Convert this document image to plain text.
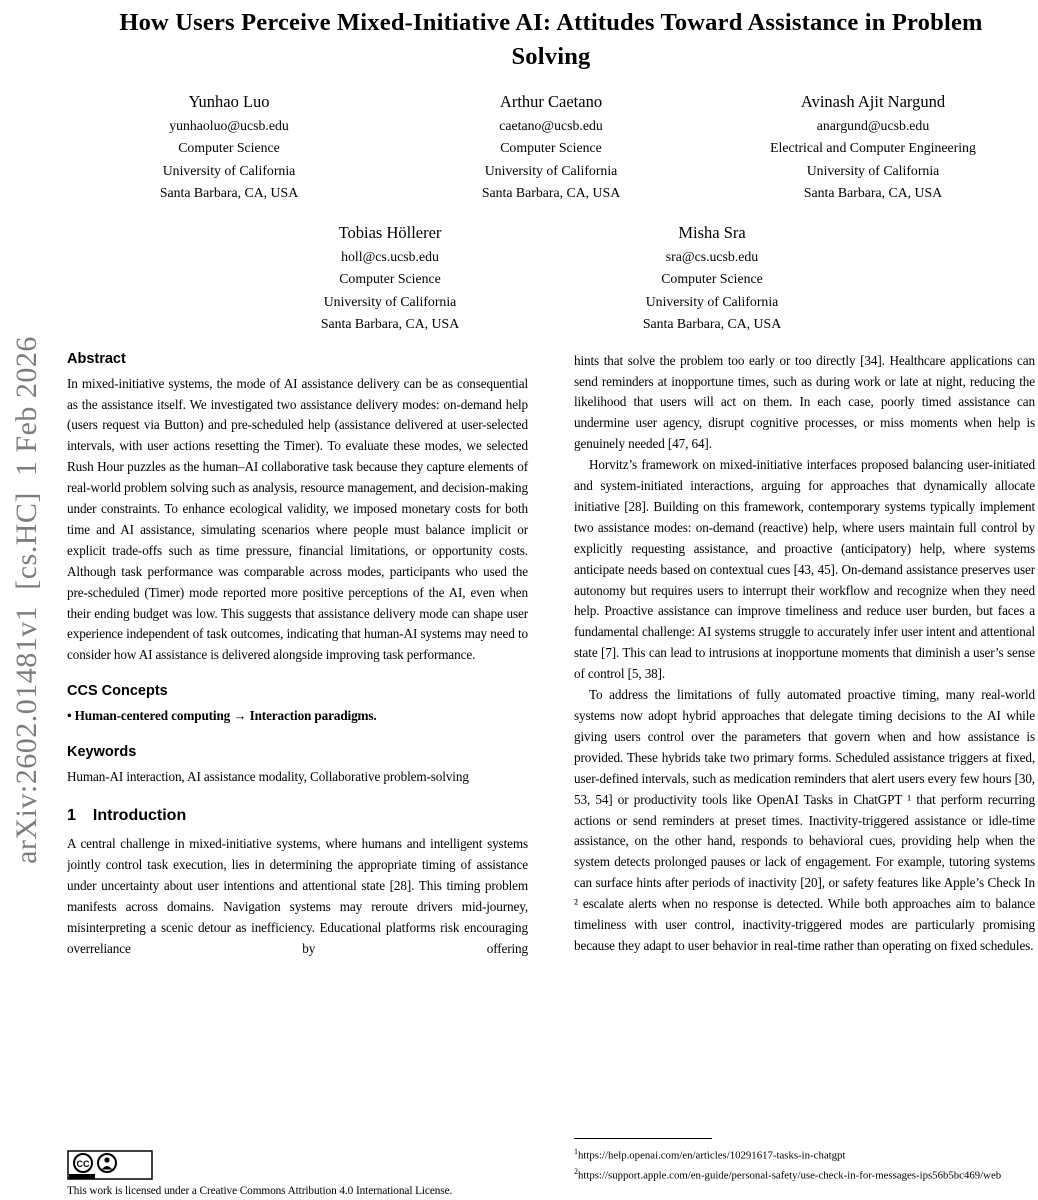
arXiv:2602.01481v1  [cs.HC]  1 Feb 2026
How Users Perceive Mixed-Initiative AI: Attitudes Toward Assistance in Problem Solving
Yunhao Luo
yunhaoluo@ucsb.edu
Computer Science
University of California
Santa Barbara, CA, USA
Arthur Caetano
caetano@ucsb.edu
Computer Science
University of California
Santa Barbara, CA, USA
Avinash Ajit Nargund
anargund@ucsb.edu
Electrical and Computer Engineering
University of California
Santa Barbara, CA, USA
Tobias Höllerer
holl@cs.ucsb.edu
Computer Science
University of California
Santa Barbara, CA, USA
Misha Sra
sra@cs.ucsb.edu
Computer Science
University of California
Santa Barbara, CA, USA
Abstract

In mixed-initiative systems, the mode of AI assistance delivery can be as consequential as the assistance itself. We investigated two assistance delivery modes: on-demand help (users request via Button) and pre-scheduled help (assistance delivered at user-selected intervals, with user actions resetting the Timer). To evaluate these modes, we selected Rush Hour puzzles as the human–AI collaborative task because they capture elements of real-world problem solving such as analysis, resource management, and decision-making under constraints. To enhance ecological validity, we imposed monetary costs for both time and AI assistance, simulating scenarios where people must balance implicit or explicit trade-offs such as time pressure, financial limitations, or opportunity costs. Although task performance was comparable across modes, participants who used the pre-scheduled (Timer) mode reported more positive perceptions of the AI, even when their ending budget was low. This suggests that assistance delivery mode can shape user experience independent of task outcomes, indicating that human-AI systems may need to consider how AI assistance is delivered alongside improving task performance.

CCS Concepts

• Human-centered computing → Interaction paradigms.

Keywords

Human-AI interaction, AI assistance modality, Collaborative problem-solving

1 Introduction

A central challenge in mixed-initiative systems, where humans and intelligent systems jointly control task execution, lies in determining the appropriate timing of assistance under uncertainty about user intentions and attentional state [28]. This timing problem manifests across domains. Navigation systems may reroute drivers mid-journey, misinterpreting a scenic detour as inefficiency. Educational platforms risk encouraging overreliance by offering

hints that solve the problem too early or too directly [34]. Healthcare applications can send reminders at inopportune times, such as during work or late at night, reducing the likelihood that users will act on them. In each case, poorly timed assistance can undermine user agency, disrupt cognitive processes, or miss moments when help is genuinely needed [47, 64].

Horvitz’s framework on mixed-initiative interfaces proposed balancing user-initiated and system-initiated interactions, arguing for approaches that dynamically allocate initiative [28]. Building on this framework, contemporary systems typically implement two assistance modes: on-demand (reactive) help, where users maintain full control by explicitly requesting assistance, and proactive (anticipatory) help, where systems anticipate needs based on contextual cues [43, 45]. On-demand assistance preserves user autonomy but requires users to interrupt their workflow and recognize when they need help. Proactive assistance can improve timeliness and reduce user burden, but faces a fundamental challenge: AI systems struggle to accurately infer user intent and attentional state [7]. This can lead to intrusions at inopportune moments that diminish a user’s sense of control [5, 38].

To address the limitations of fully automated proactive timing, many real-world systems now adopt hybrid approaches that delegate timing decisions to the AI while giving users control over the parameters that govern when and how assistance is provided. These hybrids take two primary forms. Scheduled assistance triggers at fixed, user-defined intervals, such as medication reminders that alert users every few hours [30, 53, 54] or productivity tools like OpenAI Tasks in ChatGPT ¹ that perform recurring actions or send reminders at preset times. Inactivity-triggered assistance or idle-time assistance, on the other hand, responds to behavioral cues, providing help when the system detects prolonged pauses or lack of engagement. For example, tutoring systems can surface hints after periods of inactivity [20], or safety features like Apple’s Check In ² escalate alerts when no response is detected. While both approaches aim to balance timeliness with user control, inactivity-triggered modes are particularly promising because they adapt to user behavior in real-time rather than operating on fixed schedules.

CC

This work is licensed under a Creative Commons Attribution 4.0 International License.

$^1$https://help.openai.com/en/articles/10291617-tasks-in-chatgpt

$^2$https://support.apple.com/en-guide/personal-safety/use-check-in-for-messages-ips56b5bc469/web
